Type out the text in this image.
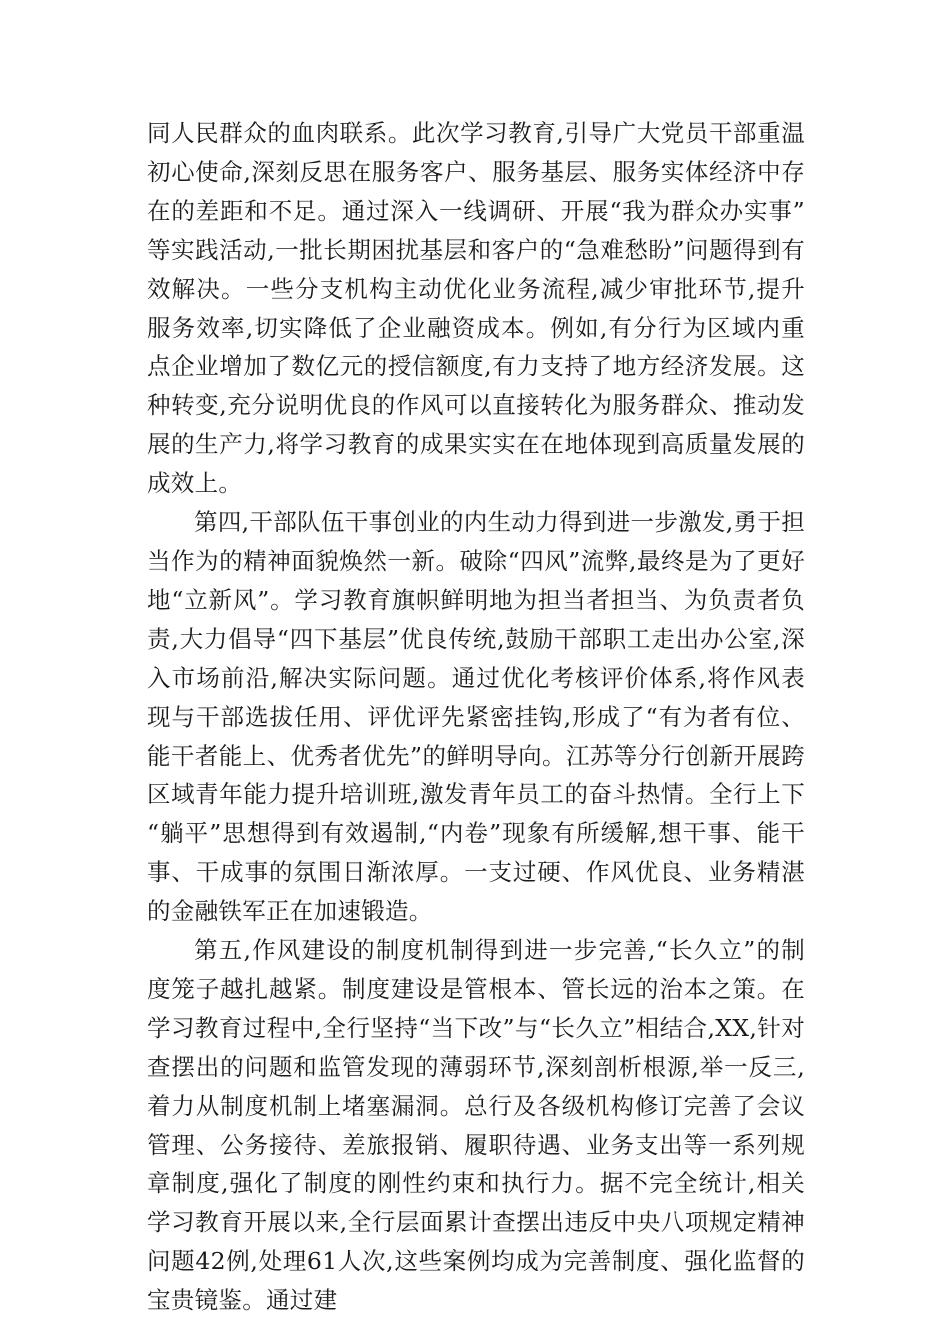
同人民群众的血肉联系。此次学习教育,引导广大党员干部重温初心使命,深刻反思在服务客户、服务基层、服务实体经济中存在的差距和不足。通过深入一线调研、开展“我为群众办实事”等实践活动,一批长期困扰基层和客户的“急难愁盼”问题得到有效解决。一些分支机构主动优化业务流程,减少审批环节,提升服务效率,切实降低了企业融资成本。例如,有分行为区域内重点企业增加了数亿元的授信额度,有力支持了地方经济发展。这种转变,充分说明优良的作风可以直接转化为服务群众、推动发展的生产力,将学习教育的成果实实在在地体现到高质量发展的成效上。

第四,干部队伍干事创业的内生动力得到进一步激发,勇于担当作为的精神面貌焕然一新。破除“四风”流弊,最终是为了更好地“立新风”。学习教育旗帜鲜明地为担当者担当、为负责者负责,大力倡导“四下基层”优良传统,鼓励干部职工走出办公室,深入市场前沿,解决实际问题。通过优化考核评价体系,将作风表现与干部选拔任用、评优评先紧密挂钩,形成了“有为者有位、能干者能上、优秀者优先”的鲜明导向。江苏等分行创新开展跨区域青年能力提升培训班,激发青年员工的奋斗热情。全行上下“躺平”思想得到有效遏制,“内卷”现象有所缓解,想干事、能干事、干成事的氛围日渐浓厚。一支过硬、作风优良、业务精湛的金融铁军正在加速锻造。

第五,作风建设的制度机制得到进一步完善,“长久立”的制度笼子越扎越紧。制度建设是管根本、管长远的治本之策。在学习教育过程中,全行坚持“当下改”与“长久立”相结合,XX,针对查摆出的问题和监管发现的薄弱环节,深刻剖析根源,举一反三,着力从制度机制上堵塞漏洞。总行及各级机构修订完善了会议管理、公务接待、差旅报销、履职待遇、业务支出等一系列规章制度,强化了制度的刚性约束和执行力。据不完全统计,相关学习教育开展以来,全行层面累计查摆出违反中央八项规定精神问题42例,处理61人次,这些案例均成为完善制度、强化监督的宝贵镜鉴。通过建
